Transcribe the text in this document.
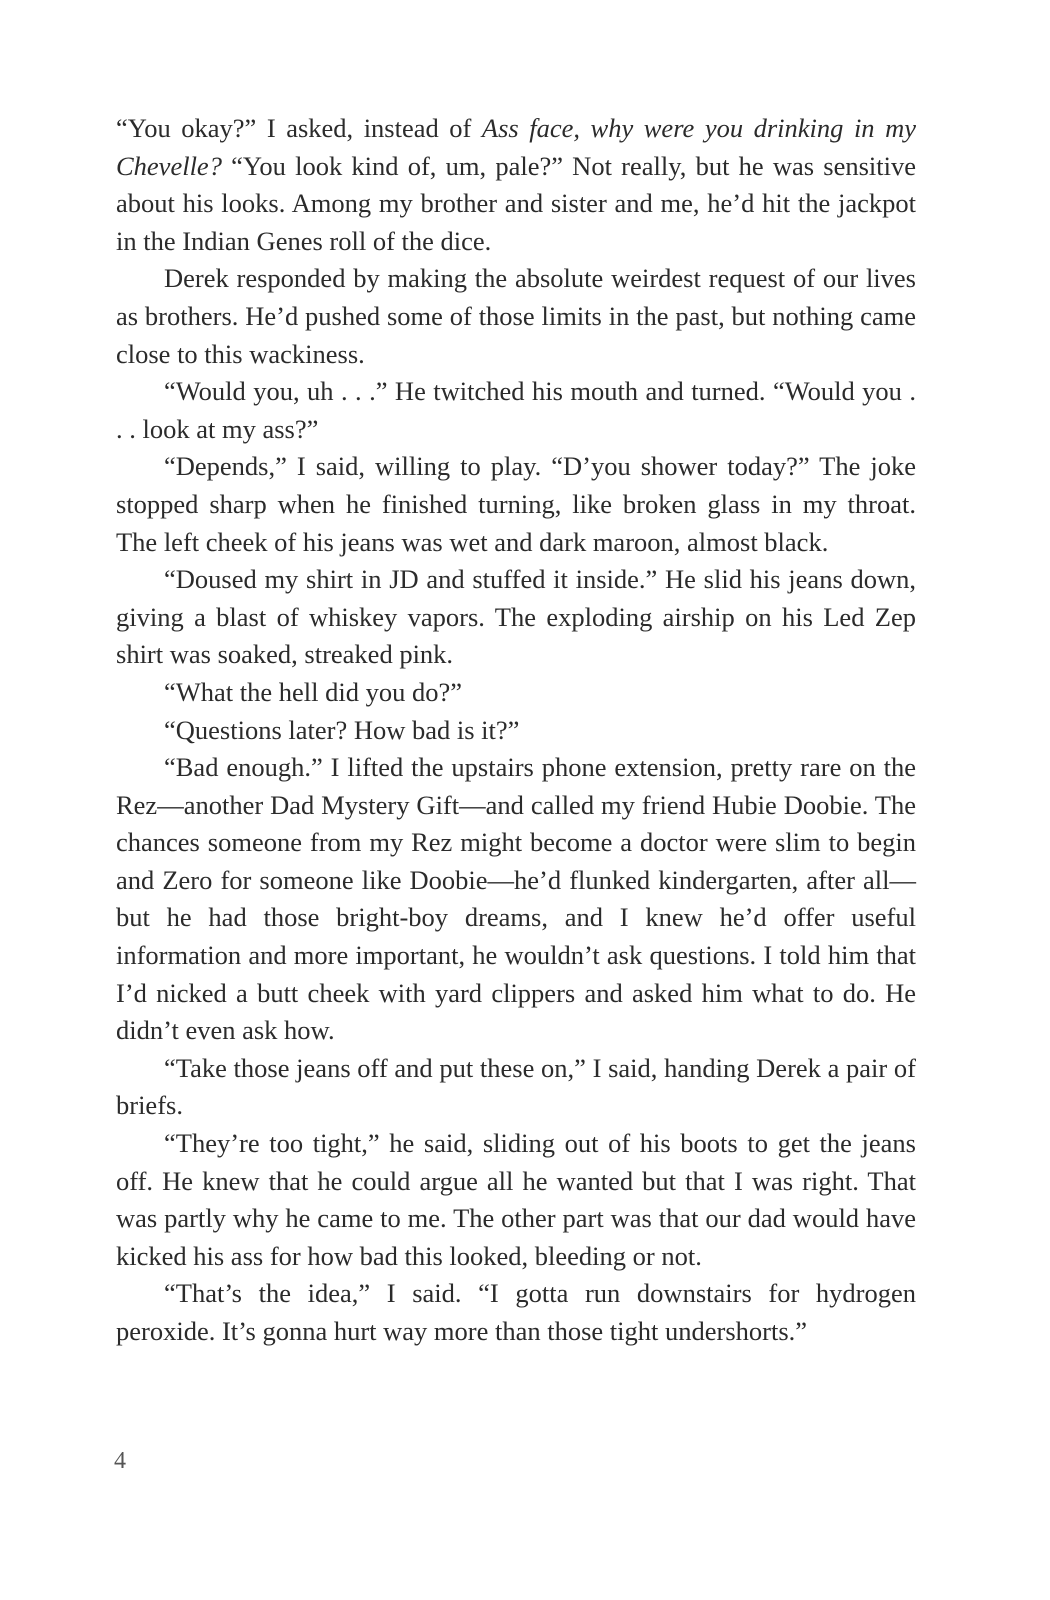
“You okay?” I asked, instead of Ass face, why were you drinking in my Chevelle? “You look kind of, um, pale?” Not really, but he was sensitive about his looks. Among my brother and sister and me, he’d hit the jackpot in the Indian Genes roll of the dice.

Derek responded by making the absolute weirdest request of our lives as brothers. He’d pushed some of those limits in the past, but nothing came close to this wackiness.

“Would you, uh . . .” He twitched his mouth and turned. “Would you . . . look at my ass?”

“Depends,” I said, willing to play. “D’you shower today?” The joke stopped sharp when he finished turning, like broken glass in my throat. The left cheek of his jeans was wet and dark maroon, almost black.

“Doused my shirt in JD and stuffed it inside.” He slid his jeans down, giving a blast of whiskey vapors. The exploding airship on his Led Zep shirt was soaked, streaked pink.

“What the hell did you do?”

“Questions later? How bad is it?”

“Bad enough.” I lifted the upstairs phone extension, pretty rare on the Rez—another Dad Mystery Gift—and called my friend Hubie Doobie. The chances someone from my Rez might become a doctor were slim to begin and Zero for someone like Doobie—he’d flunked kindergarten, after all—but he had those bright-boy dreams, and I knew he’d offer useful information and more important, he wouldn’t ask questions. I told him that I’d nicked a butt cheek with yard clippers and asked him what to do. He didn’t even ask how.

“Take those jeans off and put these on,” I said, handing Derek a pair of briefs.

“They’re too tight,” he said, sliding out of his boots to get the jeans off. He knew that he could argue all he wanted but that I was right. That was partly why he came to me. The other part was that our dad would have kicked his ass for how bad this looked, bleeding or not.

“That’s the idea,” I said. “I gotta run downstairs for hydrogen peroxide. It’s gonna hurt way more than those tight undershorts.”

4
